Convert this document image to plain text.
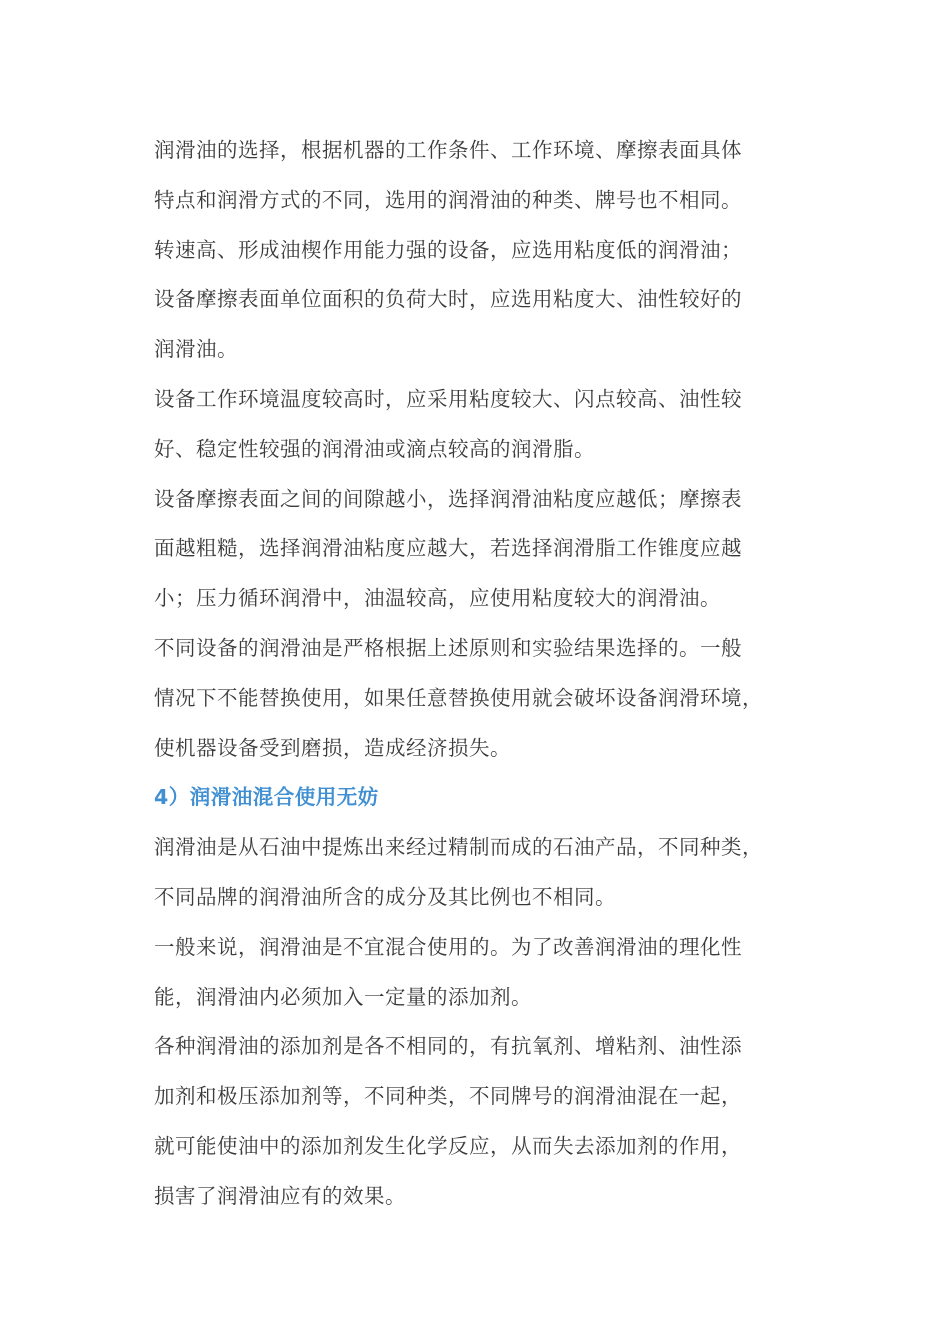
润滑油的选择，根据机器的工作条件、工作环境、摩擦表面具体
特点和润滑方式的不同，选用的润滑油的种类、牌号也不相同。
转速高、形成油楔作用能力强的设备，应选用粘度低的润滑油；
设备摩擦表面单位面积的负荷大时，应选用粘度大、油性较好的
润滑油。
设备工作环境温度较高时，应采用粘度较大、闪点较高、油性较
好、稳定性较强的润滑油或滴点较高的润滑脂。
设备摩擦表面之间的间隙越小，选择润滑油粘度应越低；摩擦表
面越粗糙，选择润滑油粘度应越大，若选择润滑脂工作锥度应越
小；压力循环润滑中，油温较高，应使用粘度较大的润滑油。
不同设备的润滑油是严格根据上述原则和实验结果选择的。一般
情况下不能替换使用，如果任意替换使用就会破坏设备润滑环境，
使机器设备受到磨损，造成经济损失。
4）润滑油混合使用无妨
润滑油是从石油中提炼出来经过精制而成的石油产品，不同种类，
不同品牌的润滑油所含的成分及其比例也不相同。
一般来说，润滑油是不宜混合使用的。为了改善润滑油的理化性
能，润滑油内必须加入一定量的添加剂。
各种润滑油的添加剂是各不相同的，有抗氧剂、增粘剂、油性添
加剂和极压添加剂等，不同种类，不同牌号的润滑油混在一起，
就可能使油中的添加剂发生化学反应，从而失去添加剂的作用，
损害了润滑油应有的效果。
